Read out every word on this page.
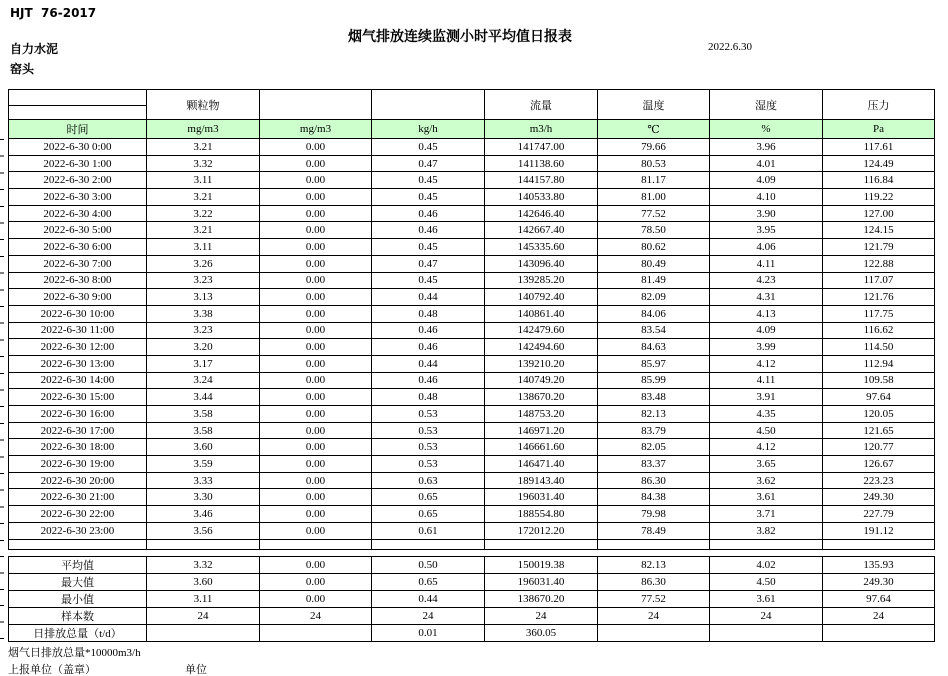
HJT  76-2017
自力水泥
窑头
烟气排放连续监测小时平均值日报表
2022.6.30
	颗粒物			流量	温度	湿度	压力

时间	mg/m3	mg/m3	kg/h	m3/h	℃	%	Pa
2022-6-30 0:00	3.21	0.00	0.45	141747.00	79.66	3.96	117.61
2022-6-30 1:00	3.32	0.00	0.47	141138.60	80.53	4.01	124.49
2022-6-30 2:00	3.11	0.00	0.45	144157.80	81.17	4.09	116.84
2022-6-30 3:00	3.21	0.00	0.45	140533.80	81.00	4.10	119.22
2022-6-30 4:00	3.22	0.00	0.46	142646.40	77.52	3.90	127.00
2022-6-30 5:00	3.21	0.00	0.46	142667.40	78.50	3.95	124.15
2022-6-30 6:00	3.11	0.00	0.45	145335.60	80.62	4.06	121.79
2022-6-30 7:00	3.26	0.00	0.47	143096.40	80.49	4.11	122.88
2022-6-30 8:00	3.23	0.00	0.45	139285.20	81.49	4.23	117.07
2022-6-30 9:00	3.13	0.00	0.44	140792.40	82.09	4.31	121.76
2022-6-30 10:00	3.38	0.00	0.48	140861.40	84.06	4.13	117.75
2022-6-30 11:00	3.23	0.00	0.46	142479.60	83.54	4.09	116.62
2022-6-30 12:00	3.20	0.00	0.46	142494.60	84.63	3.99	114.50
2022-6-30 13:00	3.17	0.00	0.44	139210.20	85.97	4.12	112.94
2022-6-30 14:00	3.24	0.00	0.46	140749.20	85.99	4.11	109.58
2022-6-30 15:00	3.44	0.00	0.48	138670.20	83.48	3.91	97.64
2022-6-30 16:00	3.58	0.00	0.53	148753.20	82.13	4.35	120.05
2022-6-30 17:00	3.58	0.00	0.53	146971.20	83.79	4.50	121.65
2022-6-30 18:00	3.60	0.00	0.53	146661.60	82.05	4.12	120.77
2022-6-30 19:00	3.59	0.00	0.53	146471.40	83.37	3.65	126.67
2022-6-30 20:00	3.33	0.00	0.63	189143.40	86.30	3.62	223.23
2022-6-30 21:00	3.30	0.00	0.65	196031.40	84.38	3.61	249.30
2022-6-30 22:00	3.46	0.00	0.65	188554.80	79.98	3.71	227.79
2022-6-30 23:00	3.56	0.00	0.61	172012.20	78.49	3.82	191.12

平均值	3.32	0.00	0.50	150019.38	82.13	4.02	135.93
最大值	3.60	0.00	0.65	196031.40	86.30	4.50	249.30
最小值	3.11	0.00	0.44	138670.20	77.52	3.61	97.64
样本数	24	24	24	24	24	24	24
日排放总量（t/d）			0.01	360.05			
烟气日排放总量*10000m3/h
上报单位（盖章）	单位
